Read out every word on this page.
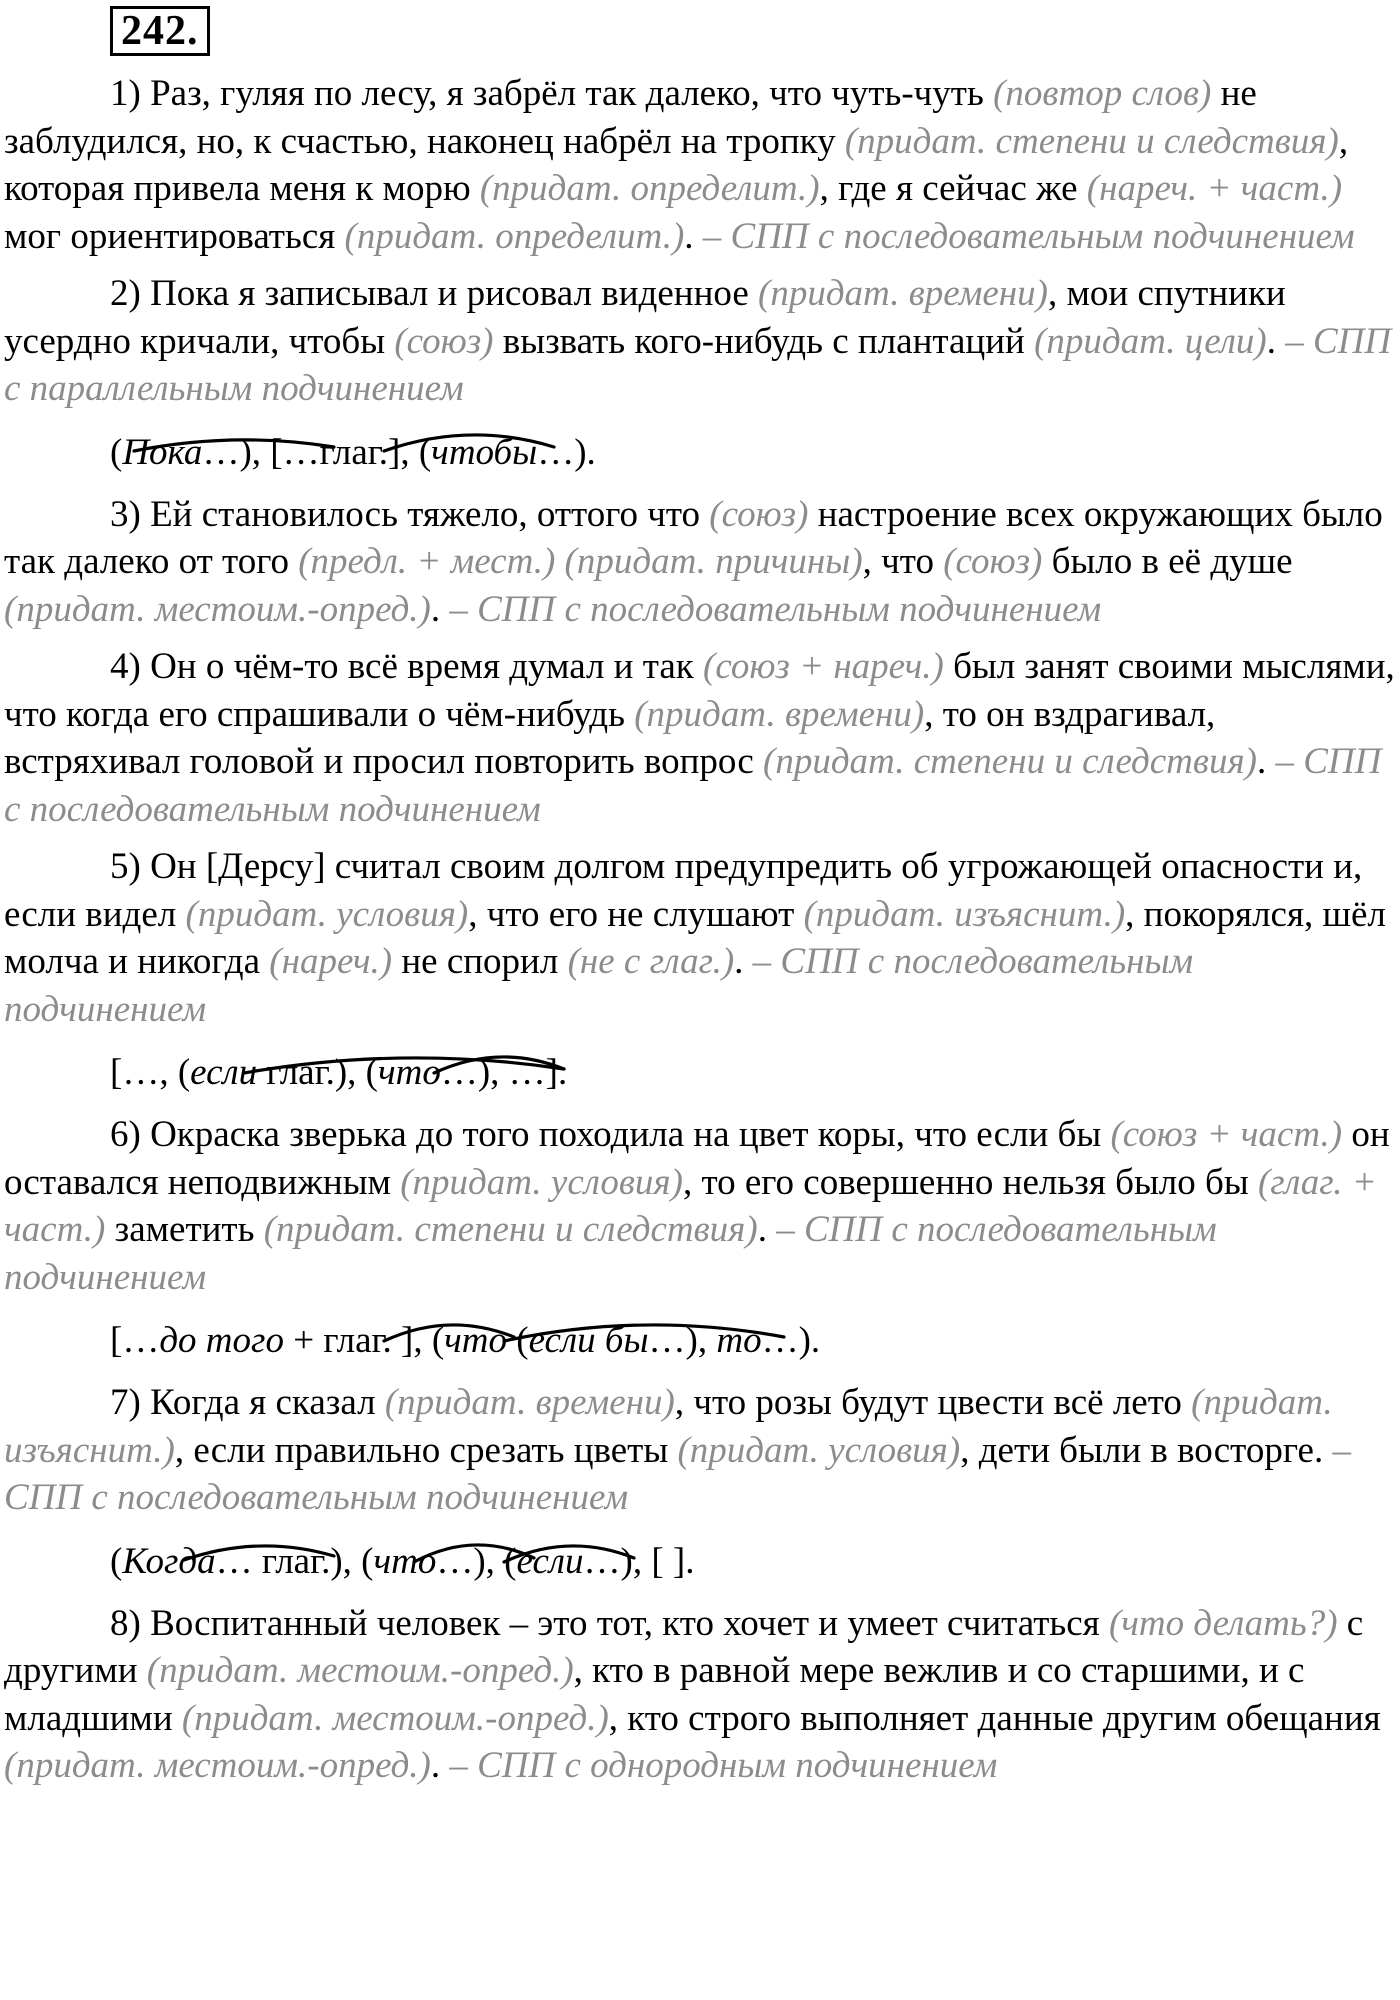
242.

1) Раз, гуляя по лесу, я забрёл так далеко, что чуть-чуть (повтор слов) не заблудился, но, к счастью, наконец набрёл на тропку (придат. степени и следствия), которая привела меня к морю (придат. определит.), где я сейчас же (нареч. + част.) мог ориентироваться (придат. определит.). – СПП с последовательным подчинением

2) Пока я записывал и рисовал виденное (придат. времени), мои спутники усердно кричали, чтобы (союз) вызвать кого-нибудь с плантаций (придат. цели). – СПП с параллельным подчинением

(Пока…), […глаг.], (чтобы…).

3) Ей становилось тяжело, оттого что (союз) настроение всех окружающих было так далеко от того (предл. + мест.) (придат. причины), что (союз) было в её душе (придат. местоим.-опред.). – СПП с последовательным подчинением

4) Он о чём-то всё время думал и так (союз + нареч.) был занят своими мыслями, что когда его спрашивали о чём-нибудь (придат. времени), то он вздрагивал, встряхивал головой и просил повторить вопрос (придат. степени и следствия). – СПП с последовательным подчинением

5) Он [Дерсу] считал своим долгом предупредить об угрожающей опасности и, если видел (придат. условия), что его не слушают (придат. изъяснит.), покорялся, шёл молча и никогда (нареч.) не спорил (не с глаг.). – СПП с последовательным подчинением

[…, (если глаг.), (что…), …].

6) Окраска зверька до того походила на цвет коры, что если бы (союз + част.) он оставался неподвижным (придат. условия), то его совершенно нельзя было бы (глаг. + част.) заметить (придат. степени и следствия). – СПП с последовательным подчинением

[…до того + глаг. ], (что (если бы…), то…).

7) Когда я сказал (придат. времени), что розы будут цвести всё лето (придат. изъяснит.), если правильно срезать цветы (придат. условия), дети были в восторге. – СПП с последовательным подчинением

(Когда… глаг.), (что…), (если…), [ ].

8) Воспитанный человек – это тот, кто хочет и умеет считаться (что делать?) с другими (придат. местоим.-опред.), кто в равной мере вежлив и со старшими, и с младшими (придат. местоим.-опред.), кто строго выполняет данные другим обещания (придат. местоим.-опред.). – СПП с однородным подчинением
